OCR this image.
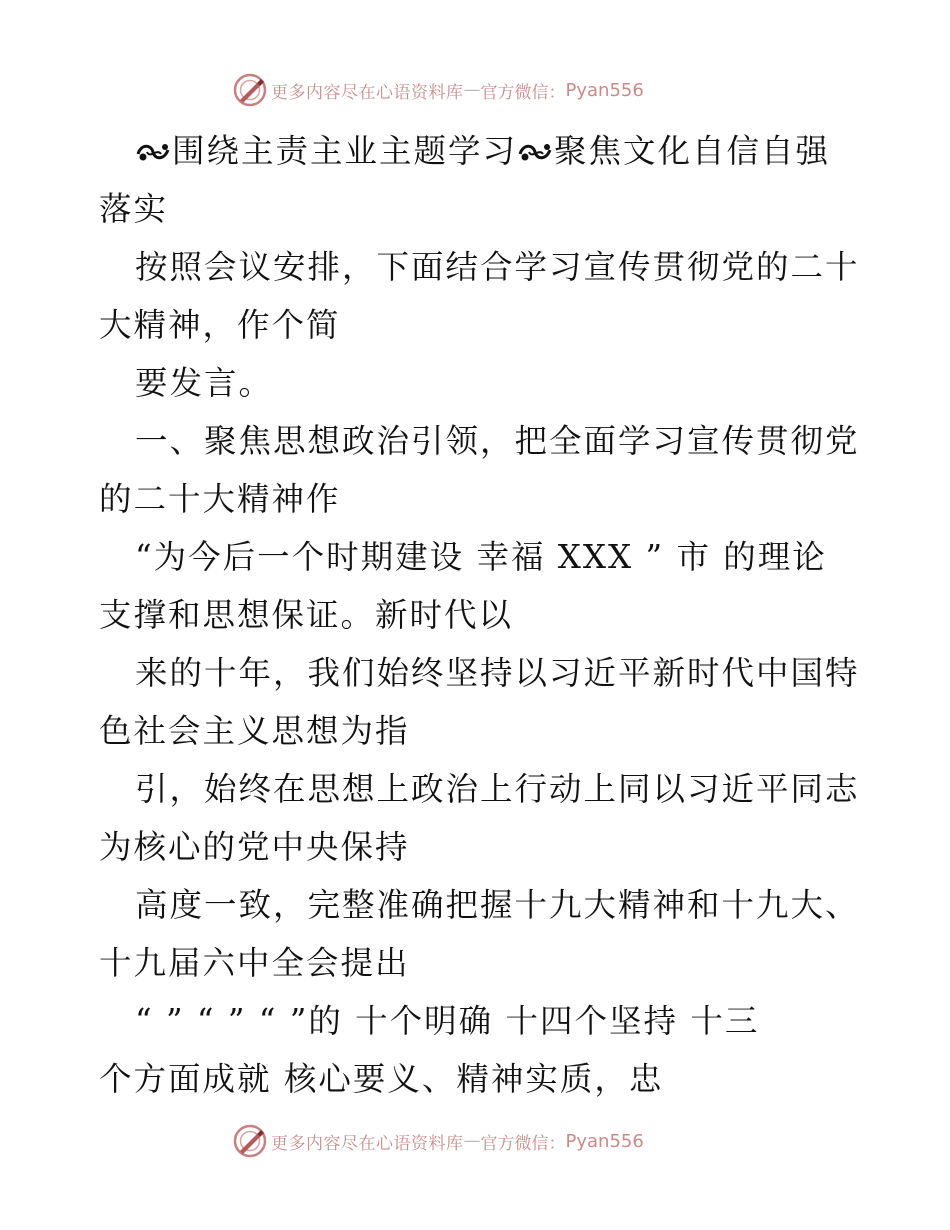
更多内容尽在心语资料库 — 官方微信： Pyan556
围绕主责主业主题学习 聚焦文化自信自强
落实
按照会议安排，下面结合学习宣传贯彻党的二十
大精神，作个简
要发言。
一、聚焦思想政治引领，把全面学习宣传贯彻党
的二十大精神作
“为今后一个时期建设 幸福 XXX ” 市 的理论
支撑和思想保证。新时代以
来的十年，我们始终坚持以习近平新时代中国特
色社会主义思想为指
引，始终在思想上政治上行动上同以习近平同志
为核心的党中央保持
高度一致，完整准确把握十九大精神和十九大、
十九届六中全会提出
“ ” “ ” “ ”的 十个明确 十四个坚持 十三
个方面成就 核心要义、精神实质，忠
更多内容尽在心语资料库 — 官方微信： Pyan556
